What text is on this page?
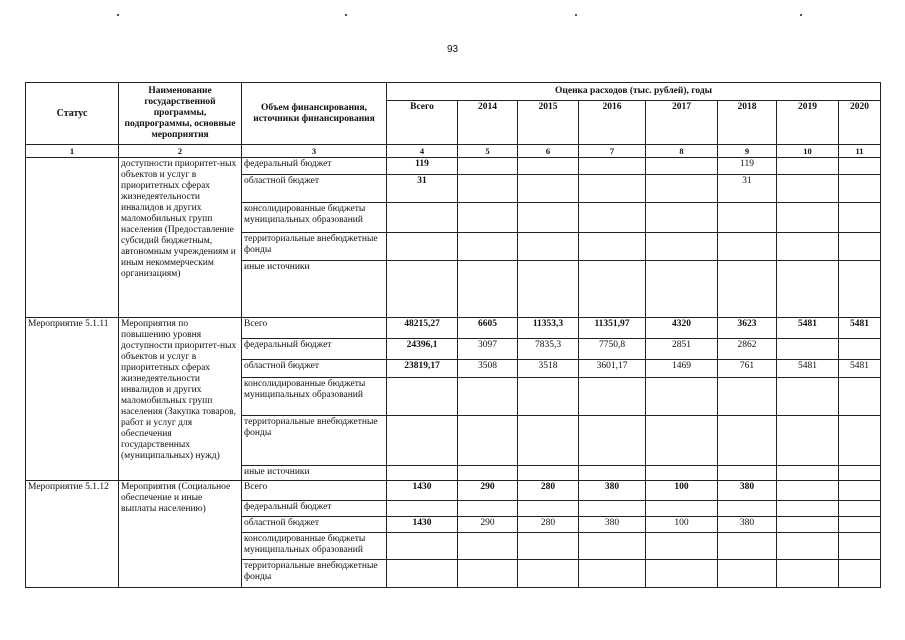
93
Статус	Наименование государственной программы, подпрограммы, основные мероприятия	Объем финансирования, источники финансирования	Оценка расходов (тыс. рублей), годы							
			Всего	2014	2015	2016	2017	2018	2019	2020
1	2	3	4	5	6	7	8	9	10	11
	доступности приоритет-ных объектов и услуг в приоритетных сферах жизнедеятельности инвалидов и других маломобильных групп населения (Предоставление субсидий бюджетным, автономным учреждениям и иным некоммерческим организациям)	федеральный бюджет	119					119		
		областной бюджет	31					31		
		консолидированные бюджеты муниципальных образований								
		территориальные внебюджетные фонды								
		иные источники								
Мероприятие 5.1.11	Мероприятия по повышению уровня доступности приоритет-ных объектов и услуг в приоритетных сферах жизнедеятельности инвалидов и других маломобильных групп населения (Закупка товаров, работ и услуг для обеспечения государственных (муниципальных) нужд)	Всего	48215,27	6605	11353,3	11351,97	4320	3623	5481	5481
		федеральный бюджет	24396,1	3097	7835,3	7750,8	2851	2862		
		областной бюджет	23819,17	3508	3518	3601,17	1469	761	5481	5481
		консолидированные бюджеты муниципальных образований								
		территориальные внебюджетные фонды								
		иные источники								
Мероприятие 5.1.12	Мероприятия (Социальное обеспечение и иные выплаты населению)	Всего	1430	290	280	380	100	380		
		федеральный бюджет								
		областной бюджет	1430	290	280	380	100	380		
		консолидированные бюджеты муниципальных образований								
		территориальные внебюджетные фонды								
